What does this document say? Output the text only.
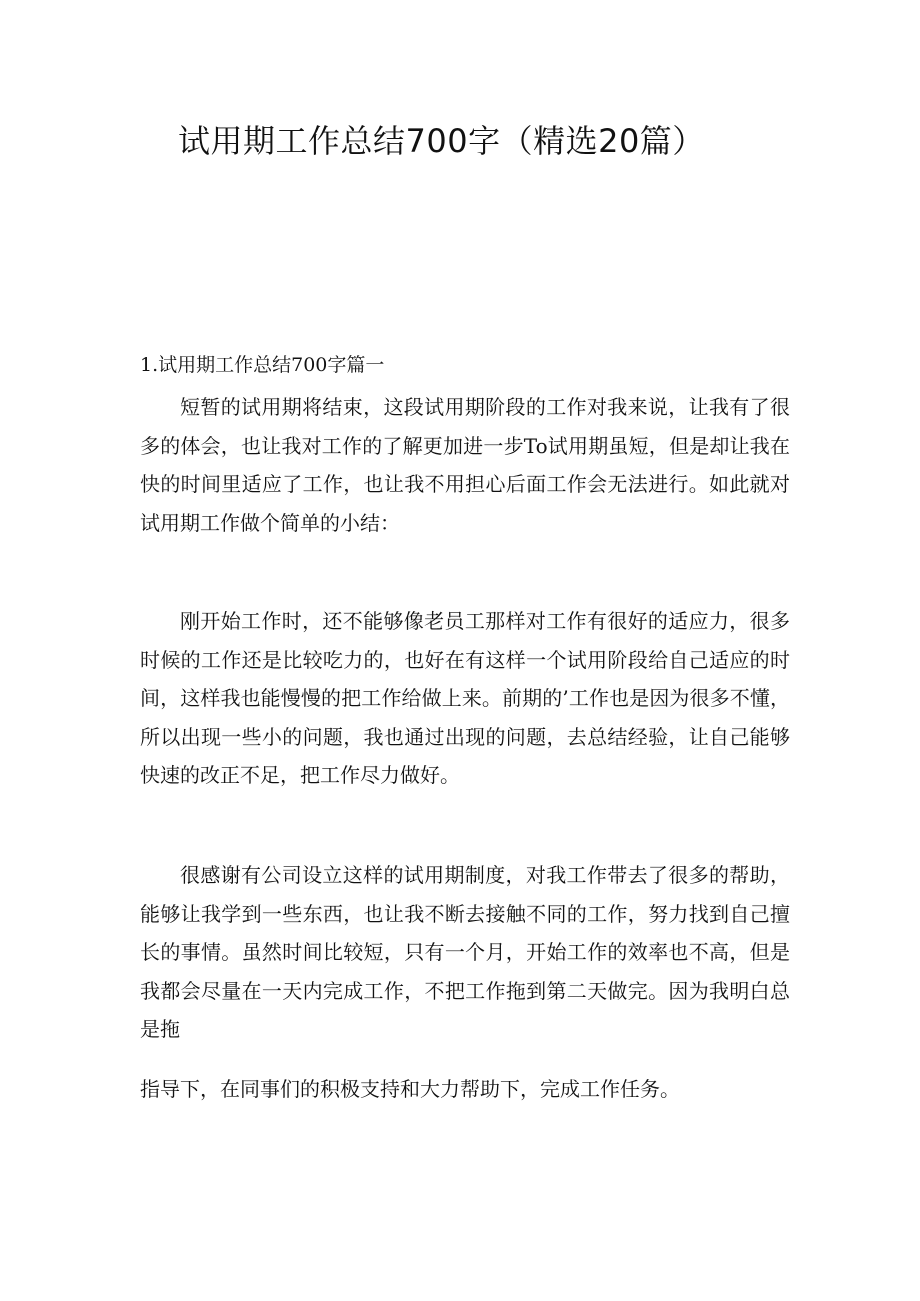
试用期工作总结700字（精选20篇）
1.试用期工作总结700字篇一

短暂的试用期将结束，这段试用期阶段的工作对我来说，让我有了很多的体会，也让我对工作的了解更加进一步To试用期虽短，但是却让我在快的时间里适应了工作，也让我不用担心后面工作会无法进行。如此就对试用期工作做个简单的小结：

刚开始工作时，还不能够像老员工那样对工作有很好的适应力，很多时候的工作还是比较吃力的，也好在有这样一个试用阶段给自己适应的时间，这样我也能慢慢的把工作给做上来。前期的’工作也是因为很多不懂，所以出现一些小的问题，我也通过出现的问题，去总结经验，让自己能够快速的改正不足，把工作尽力做好。

很感谢有公司设立这样的试用期制度，对我工作带去了很多的帮助，能够让我学到一些东西，也让我不断去接触不同的工作，努力找到自己擅长的事情。虽然时间比较短，只有一个月，开始工作的效率也不高，但是我都会尽量在一天内完成工作，不把工作拖到第二天做完。因为我明白总是拖

指导下，在同事们的积极支持和大力帮助下，完成工作任务。
